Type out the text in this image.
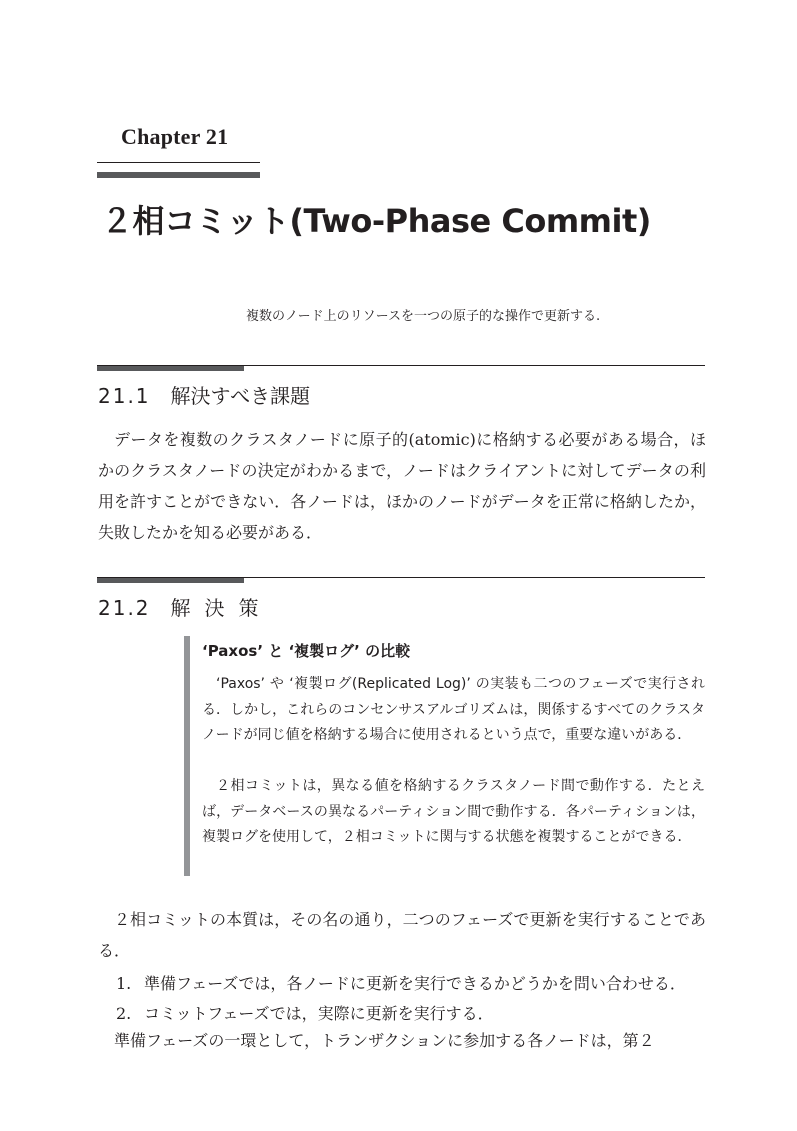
Chapter 21
２相コミット(Two-Phase Commit)
複数のノード上のリソースを一つの原子的な操作で更新する.
21.1 解決すべき課題

データを複数のクラスタノードに原子的(atomic)に格納する必要がある場合，ほかのクラスタノードの決定がわかるまで，ノードはクライアントに対してデータの利用を許すことができない．各ノードは，ほかのノードがデータを正常に格納したか，失敗したかを知る必要がある．

21.2 解決策
‘Paxos’ と ‘複製ログ’ の比較

‘Paxos’ や ‘複製ログ(Replicated Log)’ の実装も二つのフェーズで実行される．しかし，これらのコンセンサスアルゴリズムは，関係するすべてのクラスタノードが同じ値を格納する場合に使用されるという点で，重要な違いがある．

２相コミットは，異なる値を格納するクラスタノード間で動作する．たとえば，データベースの異なるパーティション間で動作する．各パーティションは，複製ログを使用して，２相コミットに関与する状態を複製することができる．

２相コミットの本質は，その名の通り，二つのフェーズで更新を実行することである．

1. 準備フェーズでは，各ノードに更新を実行できるかどうかを問い合わせる．
2. コミットフェーズでは，実際に更新を実行する．

準備フェーズの一環として，トランザクションに参加する各ノードは，第２
